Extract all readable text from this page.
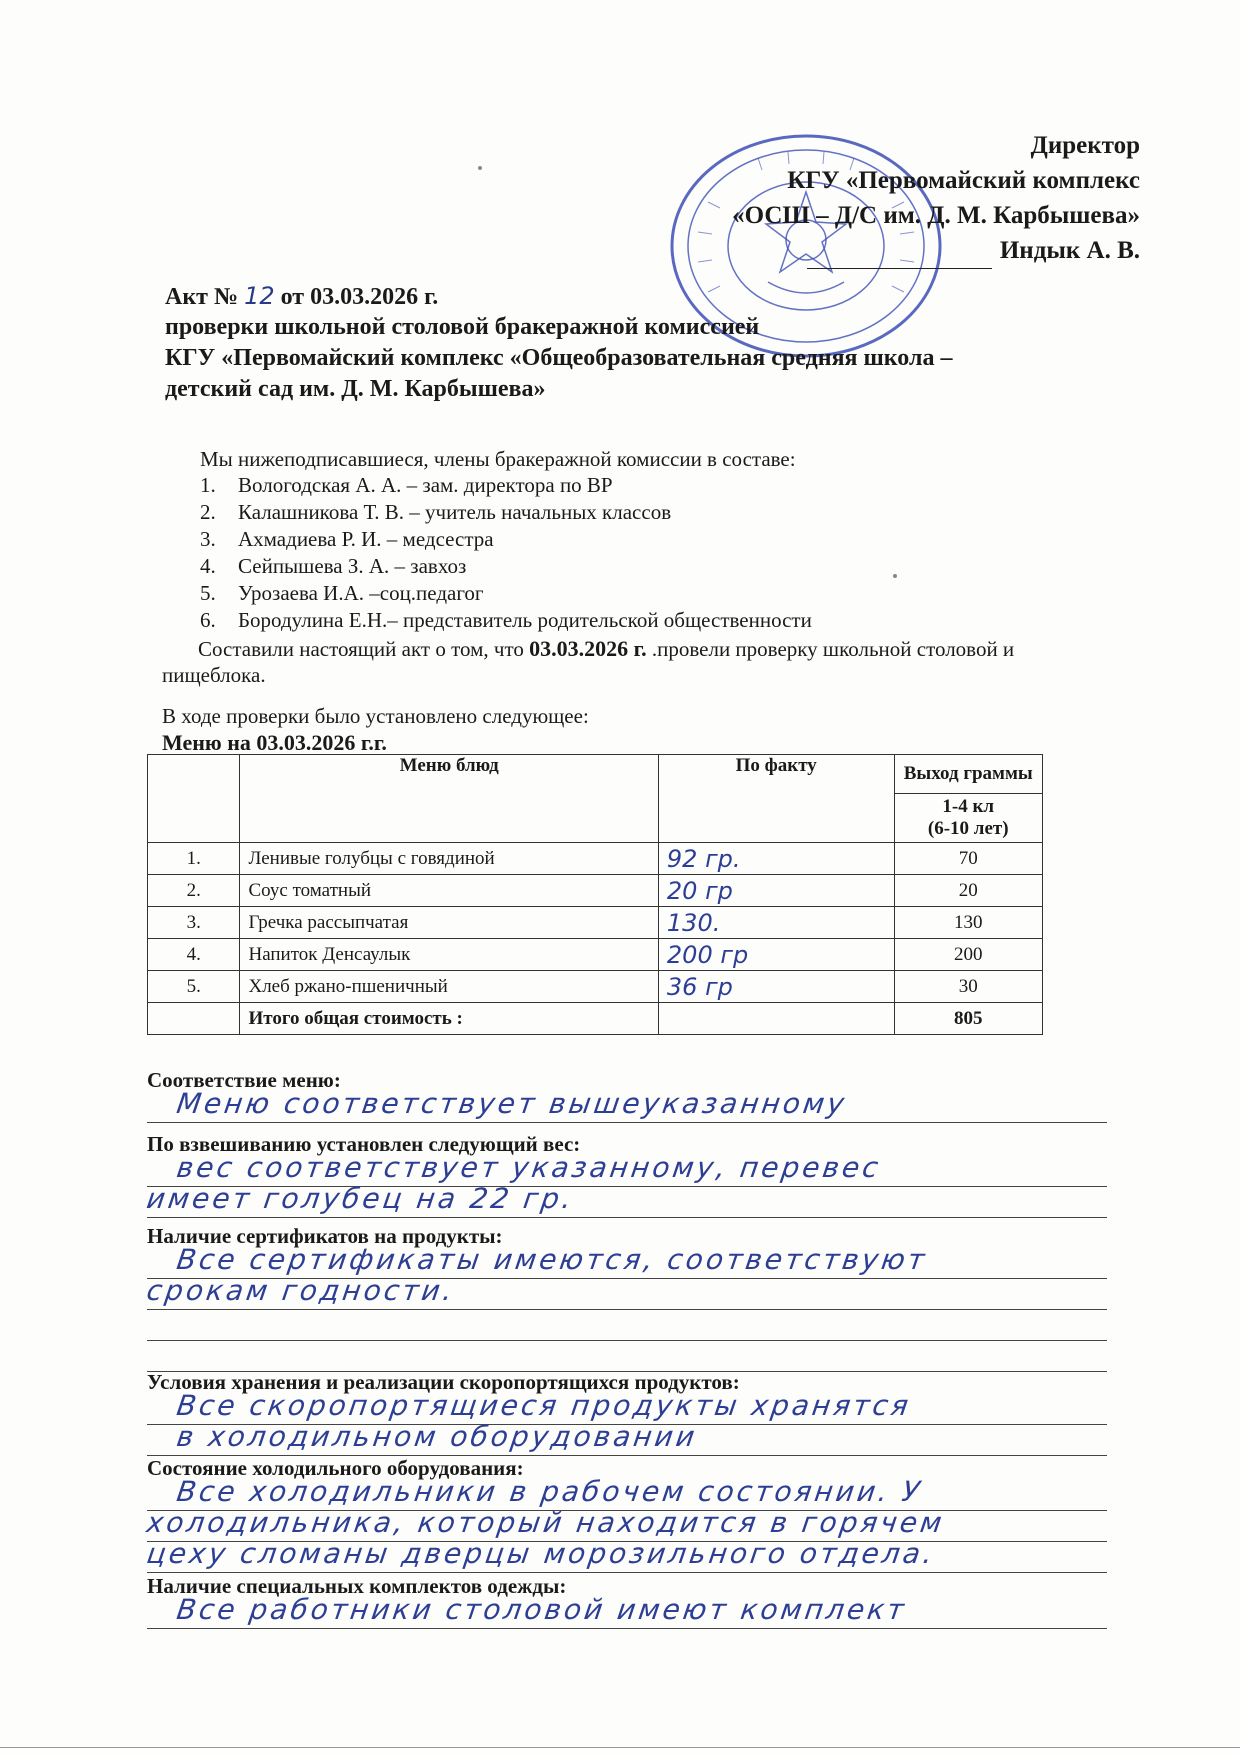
Директор
КГУ «Первомайский комплекс
«ОСШ – Д/С им. Д. М. Карбышева»
Индык А. В.
Акт № 12 от 03.03.2026 г.
проверки школьной столовой бракеражной комиссией
КГУ «Первомайский комплекс «Общеобразовательная средняя школа –
детский сад им. Д. М. Карбышева»
Мы нижеподписавшиеся, члены бракеражной комиссии в составе:
1. Вологодская А. А. – зам. директора по ВР
2. Калашникова Т. В. – учитель начальных классов
3. Ахмадиева Р. И. – медсестра
4. Сейпышева З. А. – завхоз
5. Урозаева И.А. –соц.педагог
6. Бородулина Е.Н.– представитель родительской общественности
Составили настоящий акт о том, что 03.03.2026 г. .провели проверку школьной столовой и пищеблока.
В ходе проверки было установлено следующее:
Меню на 03.03.2026 г.г.
	Меню блюд	По факту	Выход граммы

			1-4 кл
(6-10 лет)

1.	Ленивые голубцы с говядиной	92 гр.	70
2.	Соус томатный	20 гр	20
3.	Гречка рассыпчатая	130.	130
4.	Напиток Денсаулык	200 гр	200
5.	Хлеб ржано-пшеничный	36 гр	30
	Итого общая стоимость :		805
Соответствие меню:
Меню соответствует вышеуказанному
По взвешиванию установлен следующий вес:
вес соответствует указанному, перевес
имеет голубец на 22 гр.
Наличие сертификатов на продукты:
Все сертификаты имеются, соответствуют
срокам годности.
Условия хранения и реализации скоропортящихся продуктов:
Все скоропортящиеся продукты хранятся
в холодильном оборудовании
Состояние холодильного оборудования:
Все холодильники в рабочем состоянии. У
холодильника, который находится в горячем
цеху сломаны дверцы морозильного отдела.
Наличие специальных комплектов одежды:
Все работники столовой имеют комплект
